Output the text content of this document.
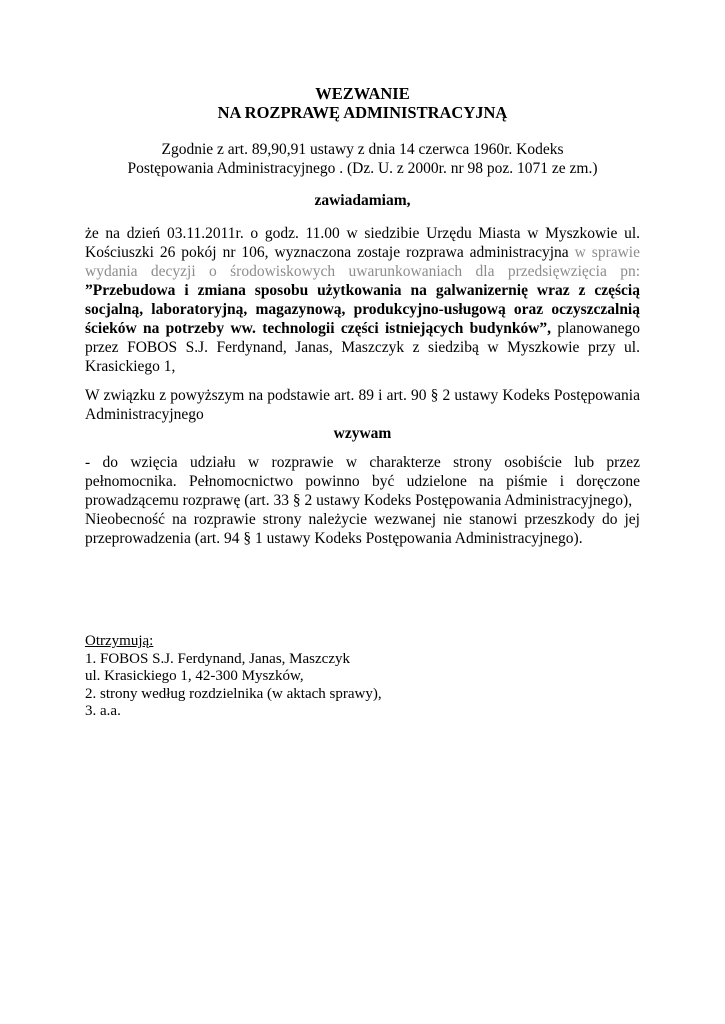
WEZWANIE
NA ROZPRAWĘ ADMINISTRACYJNĄ
Zgodnie z art. 89,90,91 ustawy z dnia 14 czerwca 1960r. Kodeks
Postępowania Administracyjnego . (Dz. U. z 2000r. nr 98 poz. 1071 ze zm.)
zawiadamiam,
że na dzień 03.11.2011r. o godz. 11.00 w siedzibie Urzędu Miasta w Myszkowie ul. Kościuszki 26 pokój nr 106, wyznaczona zostaje rozprawa administracyjna w sprawie wydania decyzji o środowiskowych uwarunkowaniach dla przedsięwzięcia pn: ”Przebudowa i zmiana sposobu użytkowania na galwanizernię wraz z częścią socjalną, laboratoryjną, magazynową, produkcyjno-usługową oraz oczyszczalnią ścieków na potrzeby ww. technologii części istniejących budynków”, planowanego przez FOBOS S.J. Ferdynand, Janas, Maszczyk z siedzibą w Myszkowie przy ul. Krasickiego 1,
W związku z powyższym na podstawie art. 89 i art. 90 § 2 ustawy Kodeks Postępowania Administracyjnego
wzywam
- do wzięcia udziału w rozprawie w charakterze strony osobiście lub przez pełnomocnika. Pełnomocnictwo powinno być udzielone na piśmie i doręczone prowadzącemu rozprawę (art. 33 § 2 ustawy Kodeks Postępowania Administracyjnego),
Nieobecność na rozprawie strony należycie wezwanej nie stanowi przeszkody do jej przeprowadzenia (art. 94 § 1 ustawy Kodeks Postępowania Administracyjnego).
Otrzymują:
1. FOBOS S.J. Ferdynand, Janas, Maszczyk
ul. Krasickiego 1, 42-300 Myszków,
2. strony według rozdzielnika (w aktach sprawy),
3. a.a.
